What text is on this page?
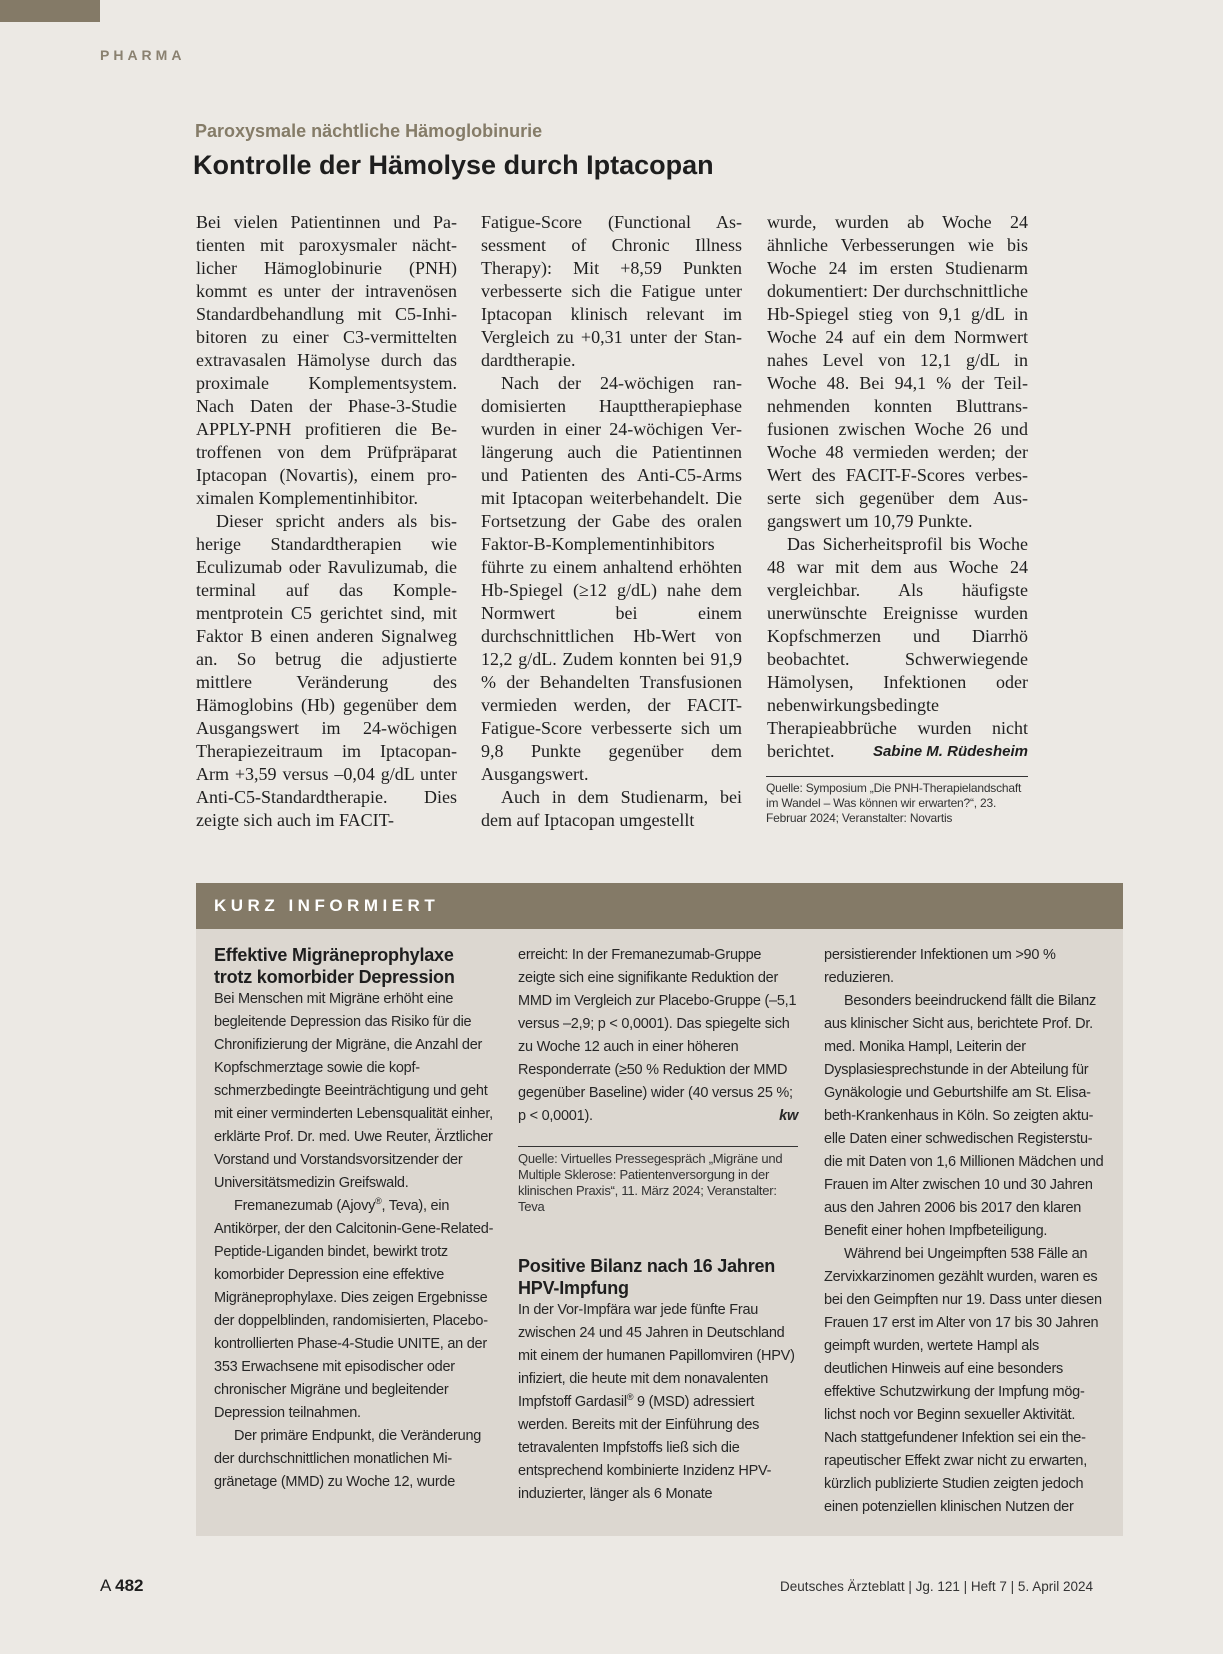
PHARMA
Paroxysmale nächtliche Hämoglobinurie
Kontrolle der Hämolyse durch Iptacopan

Bei vielen Patientinnen und Patienten mit paroxysmaler nächtlicher Hämoglobinurie (PNH) kommt es unter der intravenösen Standardbehandlung mit C5-Inhibitoren zu einer C3-vermittelten extravasalen Hämolyse durch das proximale Komplementsystem. Nach Daten der Phase-3-Studie APPLY-PNH profitieren die Betroffenen von dem Prüfpräparat Iptacopan (Novartis), einem proximalen Komplementinhibitor.

Dieser spricht anders als bisherige Standardtherapien wie Eculizumab oder Ravulizumab, die terminal auf das Komplementprotein C5 gerichtet sind, mit Faktor B einen anderen Signalweg an. So betrug die adjustierte mittlere Veränderung des Hämoglobins (Hb) gegenüber dem Ausgangswert im 24-wöchigen Therapiezeitraum im Iptacopan-Arm +3,59 versus –0,04 g/dL unter Anti-C5-Standardtherapie. Dies zeigte sich auch im FACIT-

Fatigue-Score (Functional Assessment of Chronic Illness Therapy): Mit +8,59 Punkten verbesserte sich die Fatigue unter Iptacopan klinisch relevant im Vergleich zu +0,31 unter der Standardtherapie.

Nach der 24-wöchigen randomisierten Haupttherapiephase wurden in einer 24-wöchigen Verlängerung auch die Patientinnen und Patienten des Anti-C5-Arms mit Iptacopan weiterbehandelt. Die Fortsetzung der Gabe des oralen Faktor-B-Komplementinhibitors führte zu einem anhaltend erhöhten Hb-Spiegel (≥12 g/dL) nahe dem Normwert bei einem durchschnittlichen Hb-Wert von 12,2 g/dL. Zudem konnten bei 91,9 % der Behandelten Transfusionen vermieden werden, der FACIT-Fatigue-Score verbesserte sich um 9,8 Punkte gegenüber dem Ausgangswert.

Auch in dem Studienarm, bei dem auf Iptacopan umgestellt

wurde, wurden ab Woche 24 ähnliche Verbesserungen wie bis Woche 24 im ersten Studienarm dokumentiert: Der durchschnittliche Hb-Spiegel stieg von 9,1 g/dL in Woche 24 auf ein dem Normwert nahes Level von 12,1 g/dL in Woche 48. Bei 94,1 % der Teilnehmenden konnten Bluttransfusionen zwischen Woche 26 und Woche 48 vermieden werden; der Wert des FACIT-F-Scores verbesserte sich gegenüber dem Ausgangswert um 10,79 Punkte.

Das Sicherheitsprofil bis Woche 48 war mit dem aus Woche 24 vergleichbar. Als häufigste unerwünschte Ereignisse wurden Kopfschmerzen und Diarrhö beobachtet. Schwerwiegende Hämolysen, Infektionen oder nebenwirkungsbedingte Therapieabbrüche wurden nicht berichtet.	Sabine M. Rüdesheim

Quelle: Symposium „Die PNH-Therapielandschaft im Wandel – Was können wir erwarten?“, 23. Februar 2024; Veranstalter: Novartis
KURZ INFORMIERT
Effektive Migräneprophylaxe trotz komorbider Depression

Bei Menschen mit Migräne erhöht eine begleitende Depression das Risiko für die Chronifizierung der Migräne, die Anzahl der Kopfschmerztage sowie die kopfschmerzbedingte Beeinträchtigung und geht mit einer verminderten Lebensqualität einher, erklärte Prof. Dr. med. Uwe Reuter, Ärztlicher Vorstand und Vorstandsvorsitzender der Universitätsmedizin Greifswald.

Fremanezumab (Ajovy®, Teva), ein Antikörper, der den Calcitonin-Gene-Related-Peptide-Liganden bindet, bewirkt trotz komorbider Depression eine effektive Migräneprophylaxe. Dies zeigen Ergebnisse der doppelblinden, randomisierten, Placebo-kontrollierten Phase-4-Studie UNITE, an der 353 Erwachsene mit episodischer oder chronischer Migräne und begleitender Depression teilnahmen.

Der primäre Endpunkt, die Veränderung der durchschnittlichen monatlichen Migränetage (MMD) zu Woche 12, wurde

erreicht: In der Fremanezumab-Gruppe zeigte sich eine signifikante Reduktion der MMD im Vergleich zur Placebo-Gruppe (–5,1 versus –2,9; p < 0,0001). Das spiegelte sich zu Woche 12 auch in einer höheren Responderrate (≥50 % Reduktion der MMD gegenüber Baseline) wider (40 versus 25 %; p < 0,0001).	kw

Quelle: Virtuelles Pressegespräch „Migräne und Multiple Sklerose: Patientenversorgung in der klinischen Praxis“, 11. März 2024; Veranstalter: Teva
Positive Bilanz nach 16 Jahren HPV-Impfung

In der Vor-Impfära war jede fünfte Frau zwischen 24 und 45 Jahren in Deutschland mit einem der humanen Papillomviren (HPV) infiziert, die heute mit dem nonavalenten Impfstoff Gardasil® 9 (MSD) adressiert werden. Bereits mit der Einführung des tetravalenten Impfstoffs ließ sich die entsprechend kombinierte Inzidenz HPV-induzierter, länger als 6 Monate

persistierender Infektionen um >90 % reduzieren.

Besonders beeindruckend fällt die Bilanz aus klinischer Sicht aus, berichtete Prof. Dr. med. Monika Hampl, Leiterin der Dysplasiesprechstunde in der Abteilung für Gynäkologie und Geburtshilfe am St. Elisabeth-Krankenhaus in Köln. So zeigten aktuelle Daten einer schwedischen Registerstudie mit Daten von 1,6 Millionen Mädchen und Frauen im Alter zwischen 10 und 30 Jahren aus den Jahren 2006 bis 2017 den klaren Benefit einer hohen Impfbeteiligung.

Während bei Ungeimpften 538 Fälle an Zervixkarzinomen gezählt wurden, waren es bei den Geimpften nur 19. Dass unter diesen Frauen 17 erst im Alter von 17 bis 30 Jahren geimpft wurden, wertete Hampl als deutlichen Hinweis auf eine besonders effektive Schutzwirkung der Impfung möglichst noch vor Beginn sexueller Aktivität. Nach stattgefundener Infektion sei ein therapeutischer Effekt zwar nicht zu erwarten, kürzlich publizierte Studien zeigten jedoch einen potenziellen klinischen Nutzen der

A 482	Deutsches Ärzteblatt | Jg. 121 | Heft 7 | 5. April 2024
